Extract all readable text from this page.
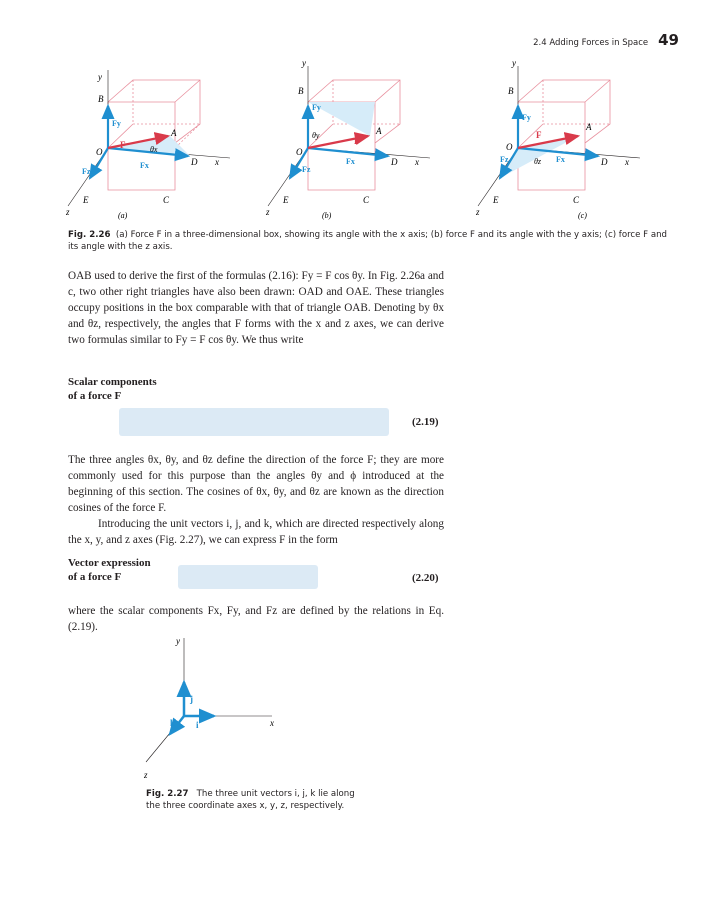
2.4 Adding Forces in Space 49
y
B
O
A
D x
C
E
z
F
Fy
Fx
Fz
θx
(a)
y
B
O
A
D x
C
E
z
F
Fy
Fx
Fz
θy
(b)
y
B
O
A
D x
C
E
z
F
Fy
Fx
Fz	θz
(c)
Fig. 2.26 (a) Force F in a three-dimensional box, showing its angle with the x axis; (b) force F and its angle with the y axis; (c) force F and its angle with the z axis.
OAB used to derive the first of the formulas (2.16): Fy = F cos θy. In Fig. 2.26a and c, two other right triangles have also been drawn: OAD and OAE. These triangles occupy positions in the box comparable with that of triangle OAB. Denoting by θx and θz, respectively, the angles that F forms with the x and z axes, we can derive two formulas similar to Fy = F cos θy. We thus write
Scalar components
of a force F
(2.19)
The three angles θx, θy, and θz define the direction of the force F; they are more commonly used for this purpose than the angles θy and ϕ introduced at the beginning of this section. The cosines of θx, θy, and θz are known as the direction cosines of the force F.
Introducing the unit vectors i, j, and k, which are directed respectively along the x, y, and z axes (Fig. 2.27), we can express F in the form
Vector expression
of a force F	(2.20)
where the scalar components Fx, Fy, and Fz are defined by the relations in Eq. (2.19).
y
x
z
j
i
k
Fig. 2.27 The three unit vectors i, j, k lie along the three coordinate axes x, y, z, respectively.
